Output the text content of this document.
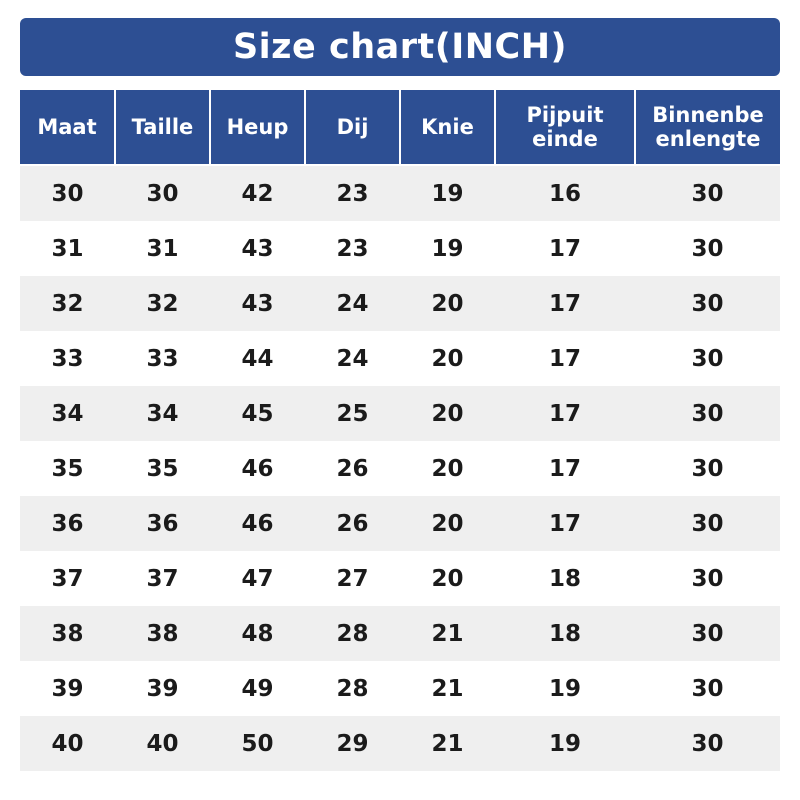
Size chart(INCH)
Maat	Taille	Heup	Dij	Knie	Pijpuit einde	Binnenbe enlengte
30	30	42	23	19	16	30
31	31	43	23	19	17	30
32	32	43	24	20	17	30
33	33	44	24	20	17	30
34	34	45	25	20	17	30
35	35	46	26	20	17	30
36	36	46	26	20	17	30
37	37	47	27	20	18	30
38	38	48	28	21	18	30
39	39	49	28	21	19	30
40	40	50	29	21	19	30
